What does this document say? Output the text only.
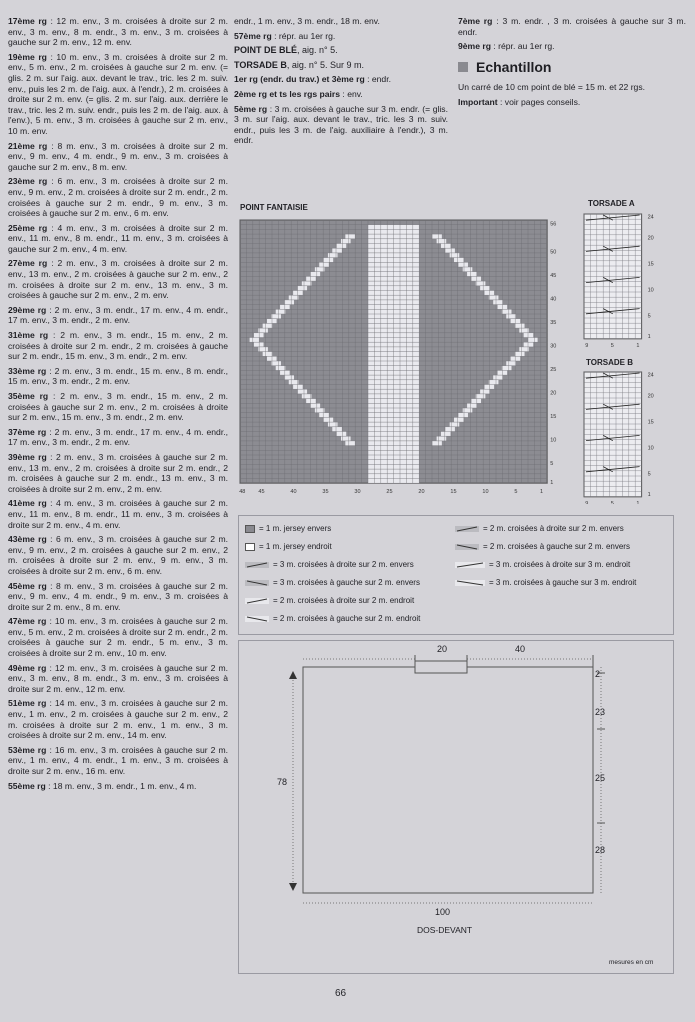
17ème rg : 12 m. env., 3 m. croisées à droite sur 2 m. env., 3 m. env., 8 m. endr., 3 m. env., 3 m. croisées à gauche sur 2 m. env., 12 m. env.
19ème rg : 10 m. env., 3 m. croisées à droite sur 2 m. env., 5 m. env., 2 m. croisées à gauche sur 2 m. env. (= glis. 2 m. sur l'aig. aux. devant le trav., tric. les 2 m. suiv. env., puis les 2 m. de l'aig. aux. à l'endr.), 2 m. croisées à droite sur 2 m. env. (= glis. 2 m. sur l'aig. aux. derrière le trav., tric. les 2 m. suiv. endr., puis les 2 m. de l'aig. aux. à l'env.), 5 m. env., 3 m. croisées à gauche sur 2 m. env., 10 m. env.
21ème rg : 8 m. env., 3 m. croisées à droite sur 2 m. env., 9 m. env., 4 m. endr., 9 m. env., 3 m. croisées à gauche sur 2 m. env., 8 m. env.
23ème rg : 6 m. env., 3 m. croisées à droite sur 2 m. env., 9 m. env., 2 m. croisées à droite sur 2 m. endr., 2 m. croisées à gauche sur 2 m. endr., 9 m. env., 3 m. croisées à gauche sur 2 m. env., 6 m. env.
25ème rg : 4 m. env., 3 m. croisées à droite sur 2 m. env., 11 m. env., 8 m. endr., 11 m. env., 3 m. croisées à gauche sur 2 m. env., 4 m. env.
27ème rg : 2 m. env., 3 m. croisées à droite sur 2 m. env., 13 m. env., 2 m. croisées à gauche sur 2 m. env., 2 m. croisées à droite sur 2 m. env., 13 m. env., 3 m. croisées à gauche sur 2 m. env., 2 m. env.
29ème rg : 2 m. env., 3 m. endr., 17 m. env., 4 m. endr., 17 m. env., 3 m. endr., 2 m. env.
31ème rg : 2 m. env., 3 m. endr., 15 m. env., 2 m. croisées à droite sur 2 m. endr., 2 m. croisées à gauche sur 2 m. endr., 15 m. env., 3 m. endr., 2 m. env.
33ème rg : 2 m. env., 3 m. endr., 15 m. env., 8 m. endr., 15 m. env., 3 m. endr., 2 m. env.
35ème rg : 2 m. env., 3 m. endr., 15 m. env., 2 m. croisées à gauche sur 2 m. env., 2 m. croisées à droite sur 2 m. env., 15 m. env., 3 m. endr., 2 m. env.
37ème rg : 2 m. env., 3 m. endr., 17 m. env., 4 m. endr., 17 m. env., 3 m. endr., 2 m. env.
39ème rg : 2 m. env., 3 m. croisées à gauche sur 2 m. env., 13 m. env., 2 m. croisées à droite sur 2 m. endr., 2 m. croisées à gauche sur 2 m. endr., 13 m. env., 3 m. croisées à droite sur 2 m. env., 2 m. env.
41ème rg : 4 m. env., 3 m. croisées à gauche sur 2 m. env., 11 m. env., 8 m. endr., 11 m. env., 3 m. croisées à droite sur 2 m. env., 4 m. env.
43ème rg : 6 m. env., 3 m. croisées à gauche sur 2 m. env., 9 m. env., 2 m. croisées à gauche sur 2 m. env., 2 m. croisées à droite sur 2 m. env., 9 m. env., 3 m. croisées à droite sur 2 m. env., 6 m. env.
45ème rg : 8 m. env., 3 m. croisées à gauche sur 2 m. env., 9 m. env., 4 m. endr., 9 m. env., 3 m. croisées à droite sur 2 m. env., 8 m. env.
47ème rg : 10 m. env., 3 m. croisées à gauche sur 2 m. env., 5 m. env., 2 m. croisées à droite sur 2 m. endr., 2 m. croisées à gauche sur 2 m. endr., 5 m. env., 3 m. croisées à droite sur 2 m. env., 10 m. env.
49ème rg : 12 m. env., 3 m. croisées à gauche sur 2 m. env., 3 m. env., 8 m. endr., 3 m. env., 3 m. croisées à droite sur 2 m. env., 12 m. env.
51ème rg : 14 m. env., 3 m. croisées à gauche sur 2 m. env., 1 m. env., 2 m. croisées à gauche sur 2 m. env., 2 m. croisées à droite sur 2 m. env., 1 m. env., 3 m. croisées à droite sur 2 m. env., 14 m. env.
53ème rg : 16 m. env., 3 m. croisées à gauche sur 2 m. env., 1 m. env., 4 m. endr., 1 m. env., 3 m. croisées à droite sur 2 m. env., 16 m. env.
55ème rg : 18 m. env., 3 m. endr., 1 m. env., 4 m.
endr., 1 m. env., 3 m. endr., 18 m. env.
57ème rg : répr. au 1er rg.
POINT DE BLÉ, aig. n° 5.
TORSADE B, aig. n° 5. Sur 9 m.
1er rg (endr. du trav.) et 3ème rg : endr.
2ème rg et ts les rgs pairs : env.
5ème rg : 3 m. croisées à gauche sur 3 m. endr. (= glis. 3 m. sur l'aig. aux. devant le trav., tric. les 3 m. suiv. endr., puis les 3 m. de l'aig. auxiliaire à l'endr.), 3 m. endr.
7ème rg : 3 m. endr. , 3 m. croisées à gauche sur 3 m. endr.
9ème rg : répr. au 1er rg.
Echantillon
Un carré de 10 cm point de blé = 15 m. et 22 rgs.
Important : voir pages conseils.
POINT FANTAISIE	TORSADE A
TORSADE B
56
50
45
40
35
30
25
20
15
10
5
1
48 45	40	35	30	25	20	15	10	5	1
24
20
15
10
5
1
9	5	1
24
20
15
10
5
1
9	5	1
= 1 m. jersey envers
= 1 m. jersey endroit
= 3 m. croisées à droite sur 2 m. envers
= 3 m. croisées à gauche sur 2 m. envers
= 2 m. croisées à droite sur 2 m. endroit
= 2 m. croisées à gauche sur 2 m. endroit
= 2 m. croisées à droite sur 2 m. envers
= 2 m. croisées à gauche sur 2 m. envers
= 3 m. croisées à droite sur 3 m. endroit
= 3 m. croisées à gauche sur 3 m. endroit
20	40
2
23
25
28
78
100
DOS-DEVANT
mesures en cm
66
